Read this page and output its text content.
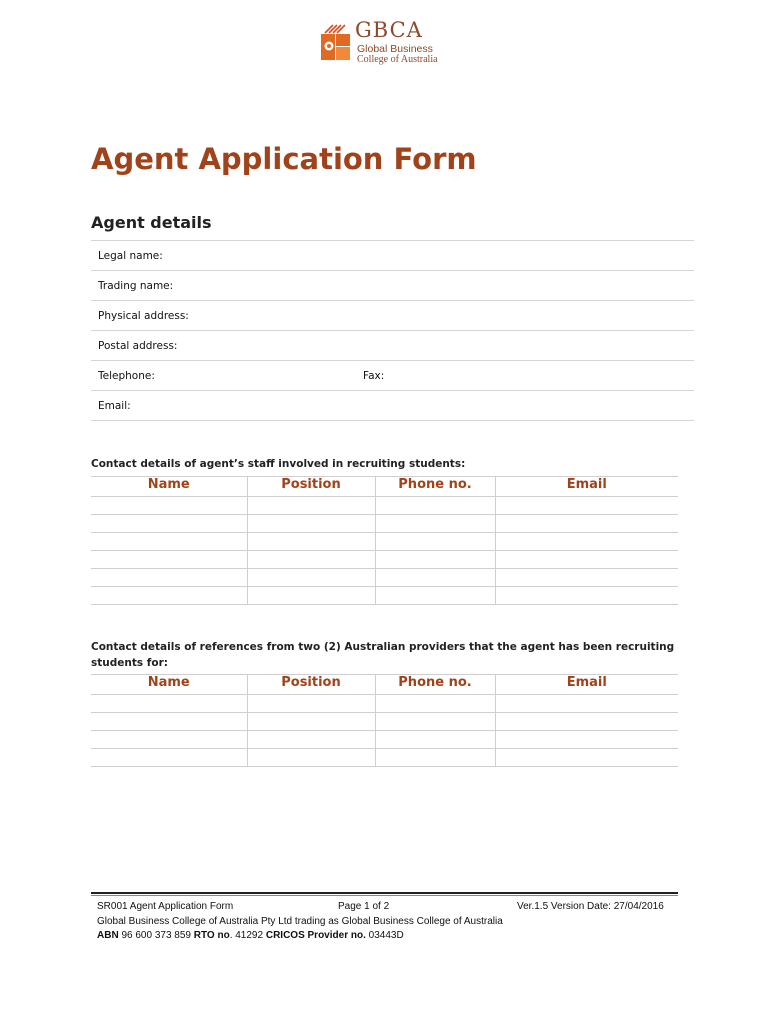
GBCA
Global Business
College of Australia
Agent Application Form
Agent details
Legal name:
Trading name:
Physical address:
Postal address:
Telephone:	Fax:
Email:
Contact details of agent’s staff involved in recruiting students:
Name	Position	Phone no.	Email

Contact details of references from two (2) Australian providers that the agent has been recruiting students for:
Name	Position	Phone no.	Email

SR001 Agent Application Form	Page 1 of 2	Ver.1.5 Version Date: 27/04/2016
Global Business College of Australia Pty Ltd trading as Global Business College of Australia
ABN 96 600 373 859 RTO no. 41292 CRICOS Provider no. 03443D
